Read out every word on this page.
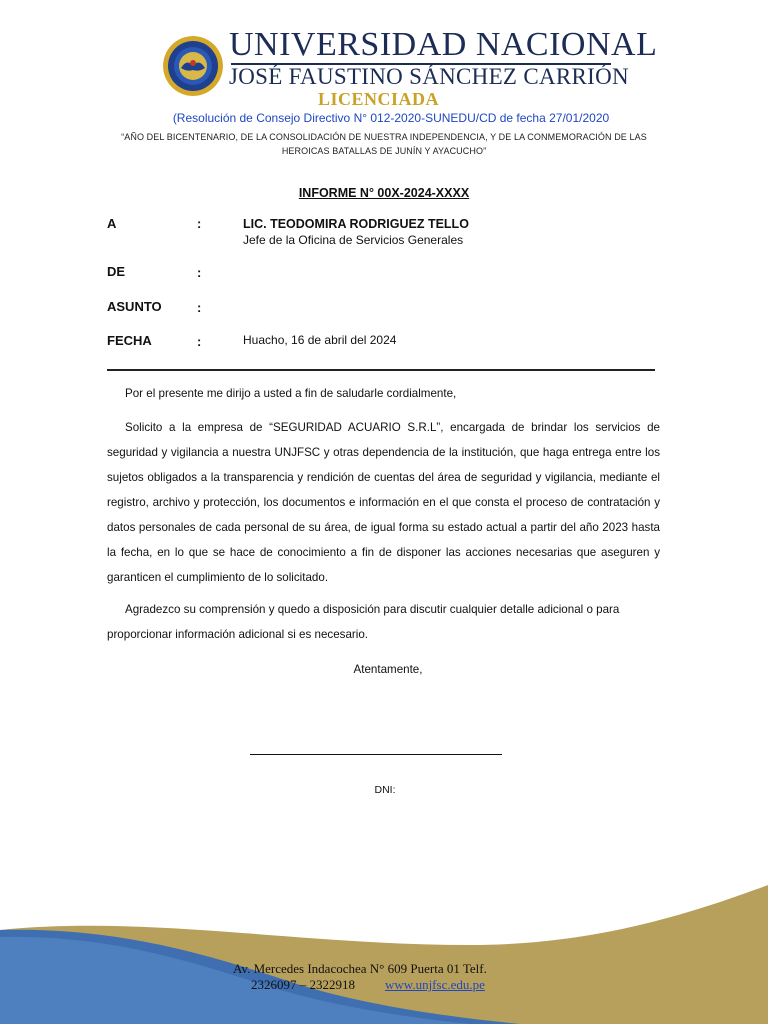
UNIVERSIDAD NACIONAL
JOSÉ FAUSTINO SÁNCHEZ CARRIÓN
LICENCIADA
(Resolución de Consejo Directivo N° 012-2020-SUNEDU/CD de fecha 27/01/2020
“AÑO DEL BICENTENARIO, DE LA CONSOLIDACIÓN DE NUESTRA INDEPENDENCIA, Y DE LA CONMEMORACIÓN DE LAS HEROICAS BATALLAS DE JUNÍN Y AYACUCHO”
INFORME N° 00X-2024-XXXX
A	:	LIC. TEODOMIRA RODRIGUEZ TELLO
Jefe de la Oficina de Servicios Generales
DE	:
ASUNTO	:
FECHA	:	Huacho, 16 de abril del 2024
Por el presente me dirijo a usted a fin de saludarle cordialmente,
Solicito a la empresa de “SEGURIDAD ACUARIO S.R.L”, encargada de brindar los servicios de seguridad y vigilancia a nuestra UNJFSC y otras dependencia de la institución, que haga entrega entre los sujetos obligados a la transparencia y rendición de cuentas del área de seguridad y vigilancia, mediante el registro, archivo y protección, los documentos e información en el que consta el proceso de contratación y datos personales de cada personal de su área, de igual forma su estado actual a partir del año 2023 hasta la fecha, en lo que se hace de conocimiento a fin de disponer las acciones necesarias que aseguren y garanticen el cumplimiento de lo solicitado.
Agradezco su comprensión y quedo a disposición para discutir cualquier detalle adicional o para proporcionar información adicional si es necesario.
Atentamente,
DNI:
Av. Mercedes Indacochea N° 609 Puerta 01 Telf.
2326097 – 2322918 www.unjfsc.edu.pe
